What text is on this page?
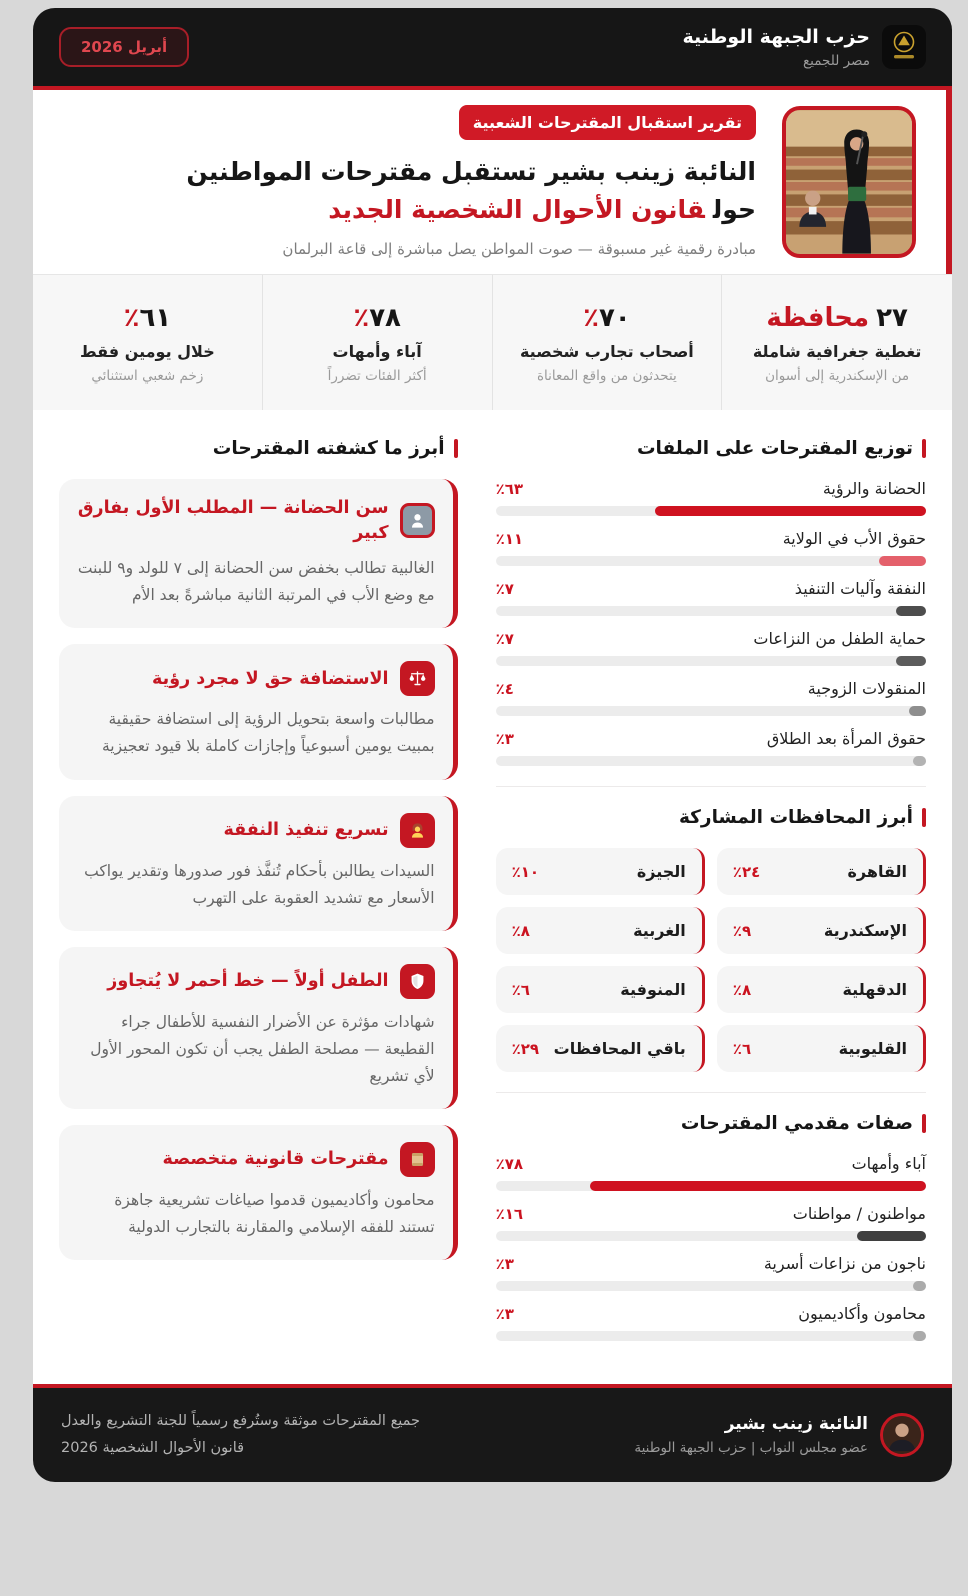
حزب الجبهة الوطنية
مصر للجميع
أبريل 2026
تقرير استقبال المقترحات الشعبية
النائبة زينب بشير تستقبل مقترحات المواطنين
حولقانون الأحوال الشخصية الجديد
مبادرة رقمية غير مسبوقة — صوت المواطن يصل مباشرة إلى قاعة البرلمان
٢٧محافظة
تغطية جغرافية شاملة
من الإسكندرية إلى أسوان
٧٠٪
أصحاب تجارب شخصية
يتحدثون من واقع المعاناة
٧٨٪
آباء وأمهات
أكثر الفئات تضرراً
٦١٪
خلال يومين فقط
زخم شعبي استثنائي
توزيع المقترحات على الملفات
الحضانة والرؤية
٦٣٪
حقوق الأب في الولاية
١١٪
النفقة وآليات التنفيذ
٧٪
حماية الطفل من النزاعات
٧٪
المنقولات الزوجية
٤٪
حقوق المرأة بعد الطلاق
٣٪
أبرز المحافظات المشاركة
القاهرة
٢٤٪
الجيزة
١٠٪
الإسكندرية
٩٪
الغربية
٨٪
الدقهلية
٨٪
المنوفية
٦٪
القليوبية
٦٪
باقي المحافظات
٢٩٪
صفات مقدمي المقترحات
آباء وأمهات
٧٨٪
مواطنون / مواطنات
١٦٪
ناجون من نزاعات أسرية
٣٪
محامون وأكاديميون
٣٪
أبرز ما كشفته المقترحات
سن الحضانة — المطلب الأول بفارق كبير
الغالبية تطالب بخفض سن الحضانة إلى ٧ للولد و٩ للبنت مع وضع الأب في المرتبة الثانية مباشرةً بعد الأم
الاستضافة حق لا مجرد رؤية
مطالبات واسعة بتحويل الرؤية إلى استضافة حقيقية بمبيت يومين أسبوعياً وإجازات كاملة بلا قيود تعجيزية
تسريع تنفيذ النفقة
السيدات يطالبن بأحكام تُنفَّذ فور صدورها وتقدير يواكب الأسعار مع تشديد العقوبة على التهرب
الطفل أولاً — خط أحمر لا يُتجاوز
شهادات مؤثرة عن الأضرار النفسية للأطفال جراء القطيعة — مصلحة الطفل يجب أن تكون المحور الأول لأي تشريع
مقترحات قانونية متخصصة
محامون وأكاديميون قدموا صياغات تشريعية جاهزة تستند للفقه الإسلامي والمقارنة بالتجارب الدولية
النائبة زينب بشير
عضو مجلس النواب | حزب الجبهة الوطنية
جميع المقترحات موثقة وستُرفع رسمياً للجنة التشريع والعدل
قانون الأحوال الشخصية 2026
